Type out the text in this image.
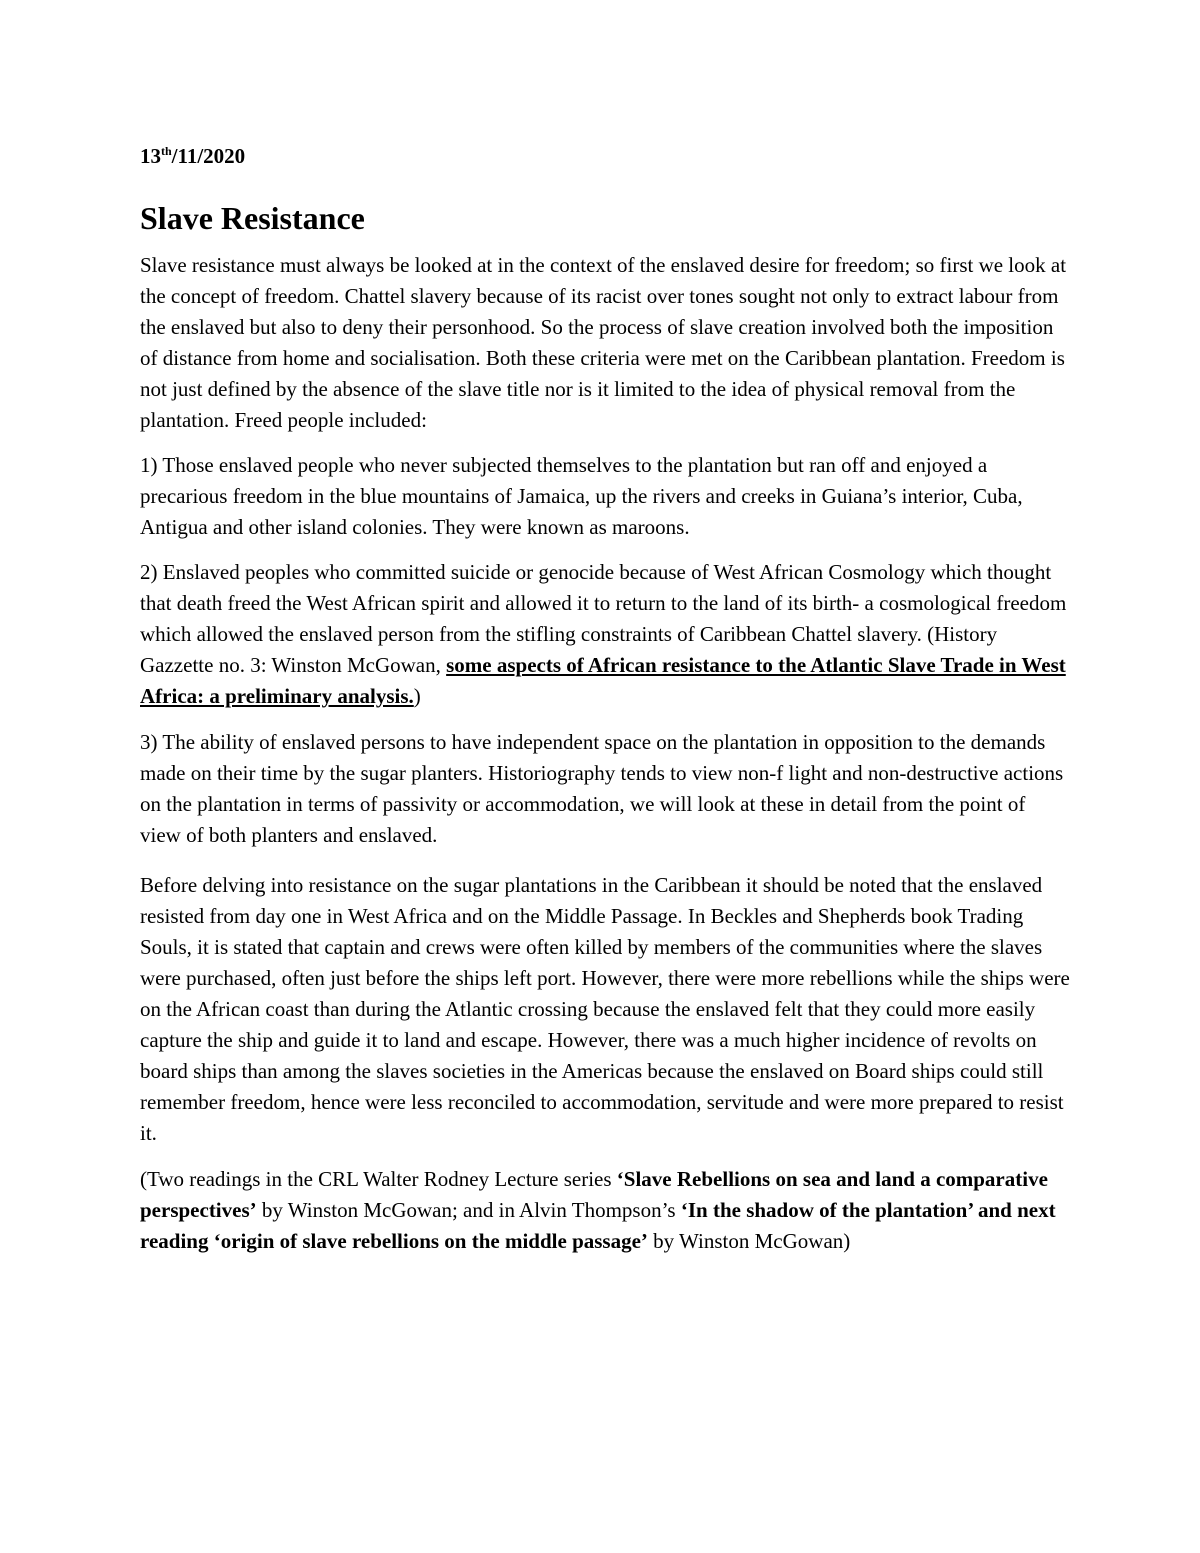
13th/11/2020

Slave Resistance

Slave resistance must always be looked at in the context of the enslaved desire for freedom; so first we look at the concept of freedom. Chattel slavery because of its racist over tones sought not only to extract labour from the enslaved but also to deny their personhood. So the process of slave creation involved both the imposition of distance from home and socialisation. Both these criteria were met on the Caribbean plantation. Freedom is not just defined by the absence of the slave title nor is it limited to the idea of physical removal from the plantation. Freed people included:

1) Those enslaved people who never subjected themselves to the plantation but ran off and enjoyed a precarious freedom in the blue mountains of Jamaica, up the rivers and creeks in Guiana’s interior, Cuba, Antigua and other island colonies. They were known as maroons.

2) Enslaved peoples who committed suicide or genocide because of West African Cosmology which thought that death freed the West African spirit and allowed it to return to the land of its birth- a cosmological freedom which allowed the enslaved person from the stifling constraints of Caribbean Chattel slavery. (History Gazzette no. 3: Winston McGowan, some aspects of African resistance to the Atlantic Slave Trade in West Africa: a preliminary analysis.)

3) The ability of enslaved persons to have independent space on the plantation in opposition to the demands made on their time by the sugar planters. Historiography tends to view non-f light and non-destructive actions on the plantation in terms of passivity or accommodation, we will look at these in detail from the point of view of both planters and enslaved.

Before delving into resistance on the sugar plantations in the Caribbean it should be noted that the enslaved resisted from day one in West Africa and on the Middle Passage. In Beckles and Shepherds book Trading Souls, it is stated that captain and crews were often killed by members of the communities where the slaves were purchased, often just before the ships left port. However, there were more rebellions while the ships were on the African coast than during the Atlantic crossing because the enslaved felt that they could more easily capture the ship and guide it to land and escape. However, there was a much higher incidence of revolts on board ships than among the slaves societies in the Americas because the enslaved on Board ships could still remember freedom, hence were less reconciled to accommodation, servitude and were more prepared to resist it.

(Two readings in the CRL Walter Rodney Lecture series ‘Slave Rebellions on sea and land a comparative perspectives’ by Winston McGowan; and in Alvin Thompson’s ‘In the shadow of the plantation’ and next reading ‘origin of slave rebellions on the middle passage’ by Winston McGowan)
